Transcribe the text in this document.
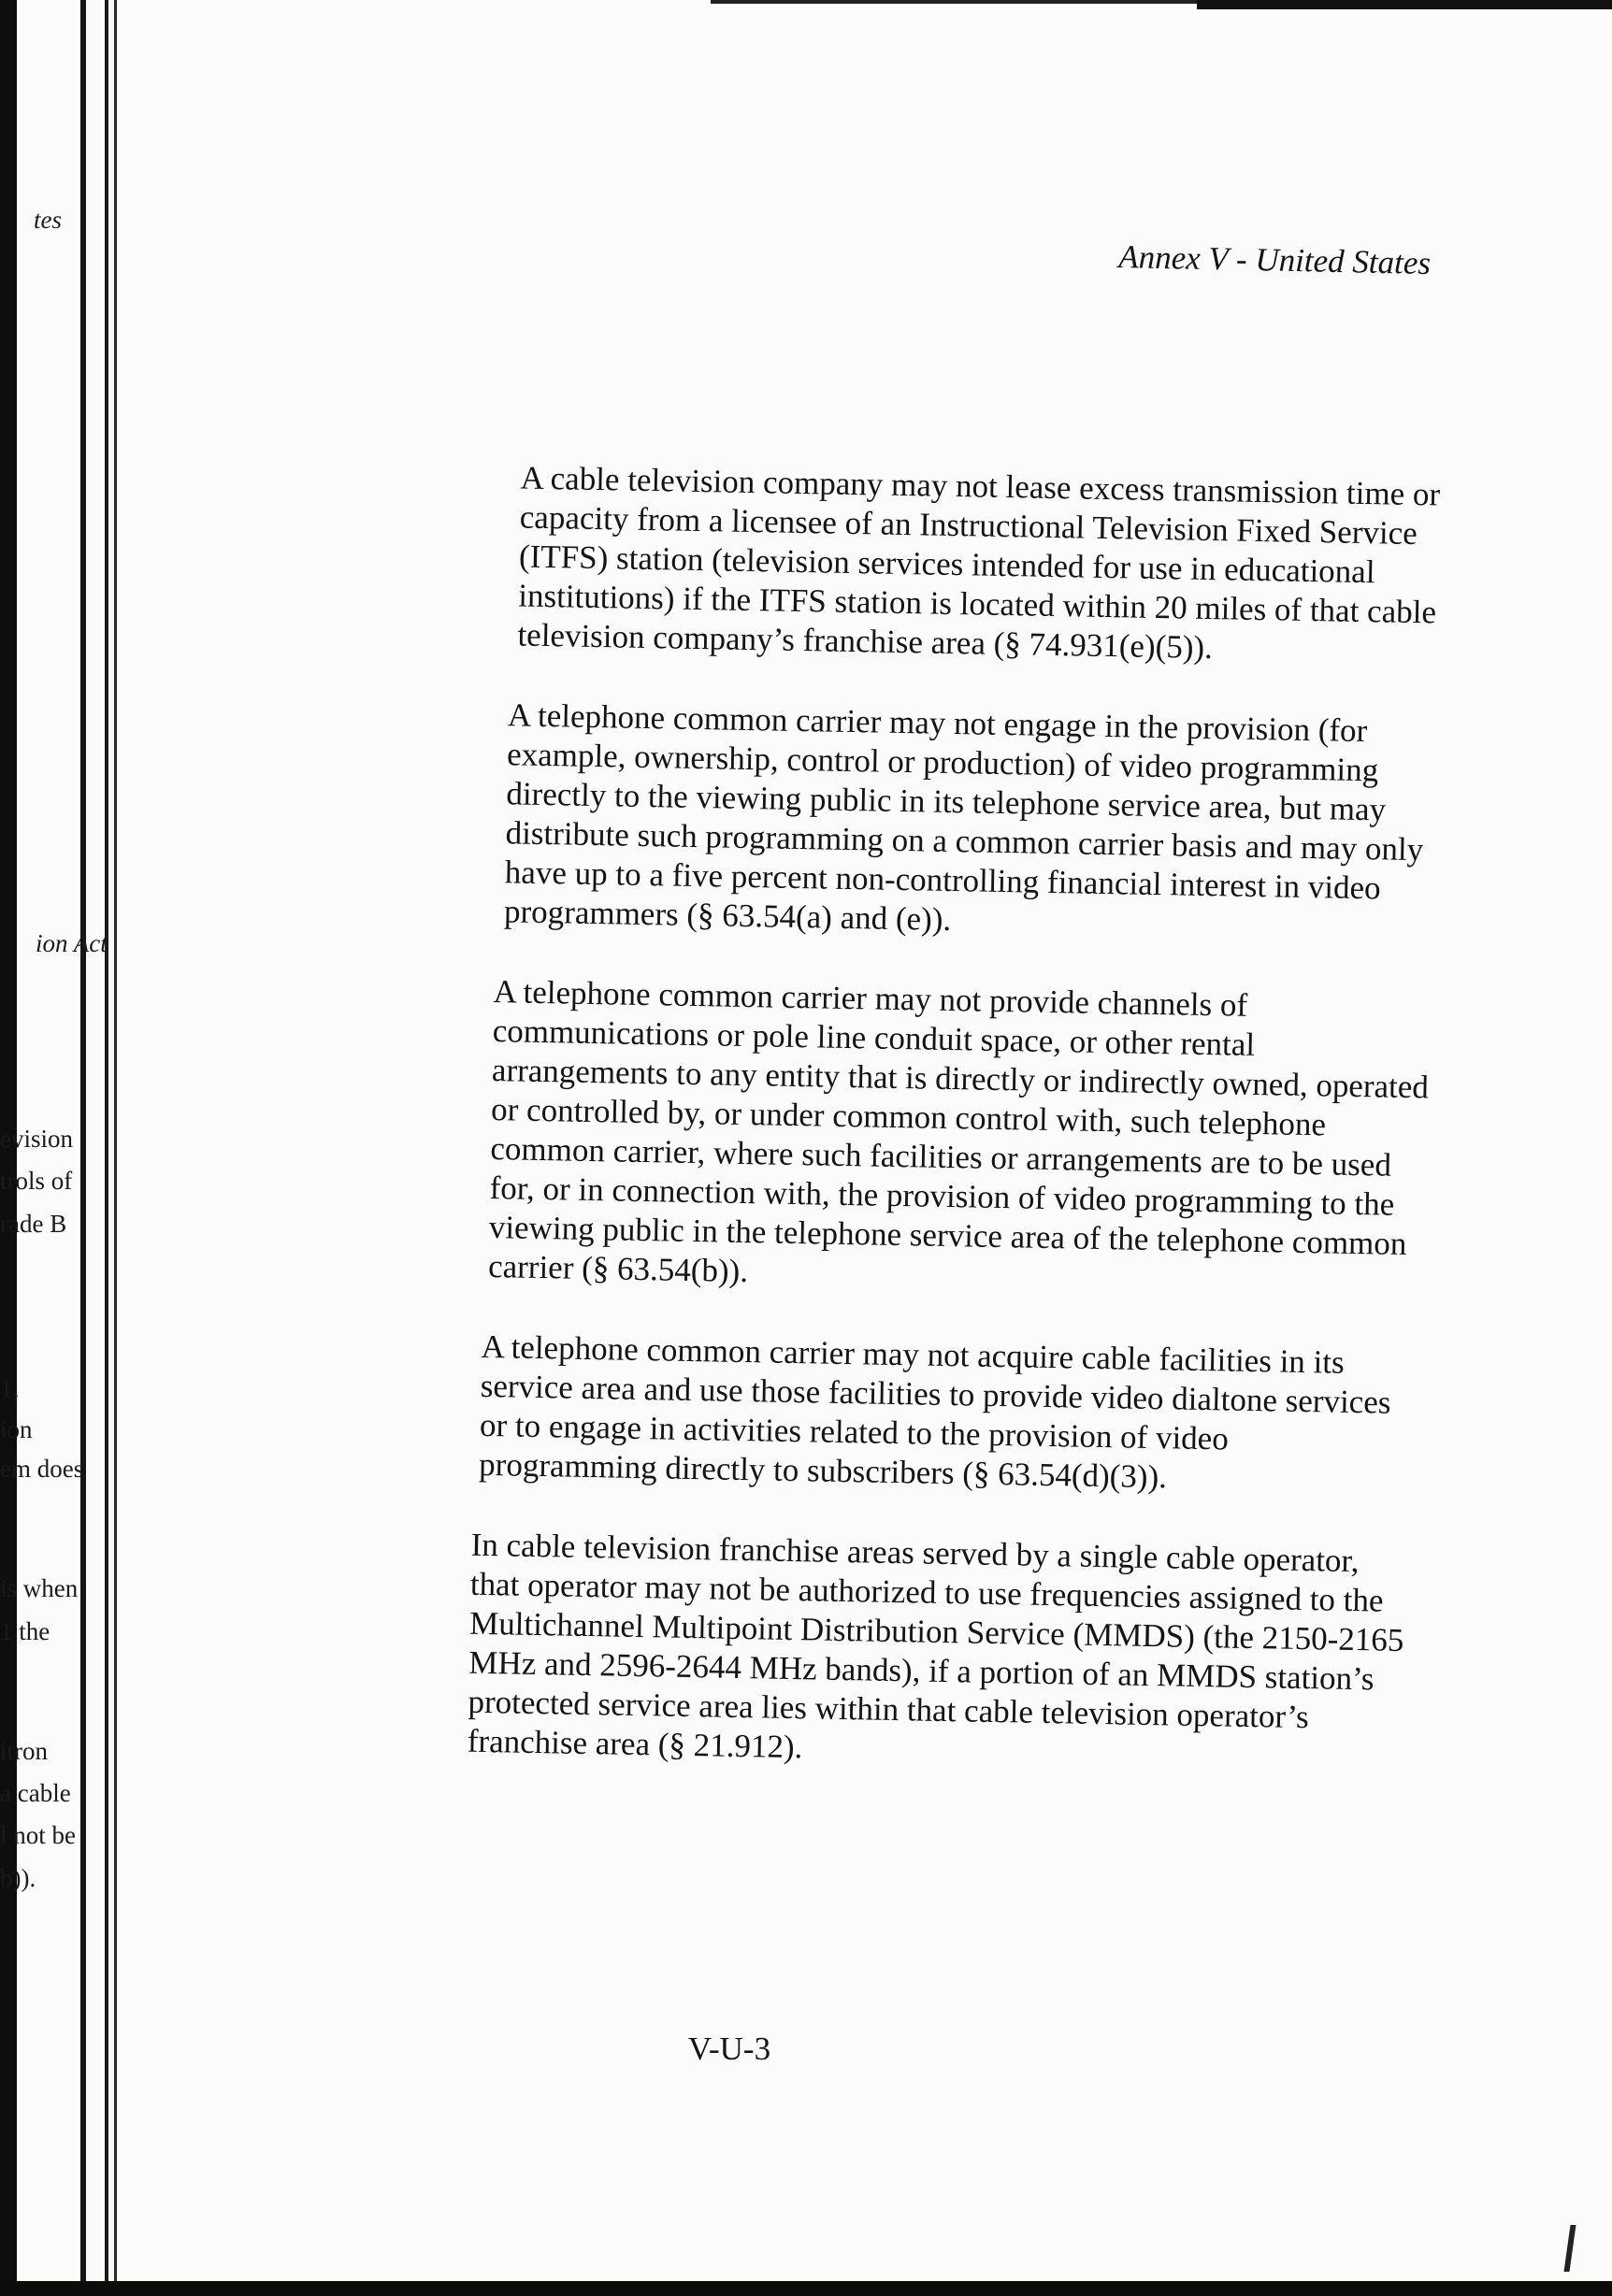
tes
ion Act
evision
trols of
rade B
1,
ion
em does
is when
1 the
itron
a cable
l not be
b)).
Annex V - United States

A cable television company may not lease excess transmission time or capacity from a licensee of an Instructional Television Fixed Service (ITFS) station (television services intended for use in educational institutions) if the ITFS station is located within 20 miles of that cable television company’s franchise area (§ 74.931(e)(5)).

A telephone common carrier may not engage in the provision (for example, ownership, control or production) of video programming directly to the viewing public in its telephone service area, but may distribute such programming on a common carrier basis and may only have up to a five percent non-controlling financial interest in video programmers (§ 63.54(a) and (e)).

A telephone common carrier may not provide channels of communications or pole line conduit space, or other rental arrangements to any entity that is directly or indirectly owned, operated or controlled by, or under common control with, such telephone common carrier, where such facilities or arrangements are to be used for, or in connection with, the provision of video programming to the viewing public in the telephone service area of the telephone common carrier (§ 63.54(b)).

A telephone common carrier may not acquire cable facilities in its service area and use those facilities to provide video dialtone services or to engage in activities related to the provision of video programming directly to subscribers (§ 63.54(d)(3)).

In cable television franchise areas served by a single cable operator, that operator may not be authorized to use frequencies assigned to the Multichannel Multipoint Distribution Service (MMDS) (the 2150-2165 MHz and 2596-2644 MHz bands), if a portion of an MMDS station’s protected service area lies within that cable television operator’s franchise area (§ 21.912).

V-U-3
